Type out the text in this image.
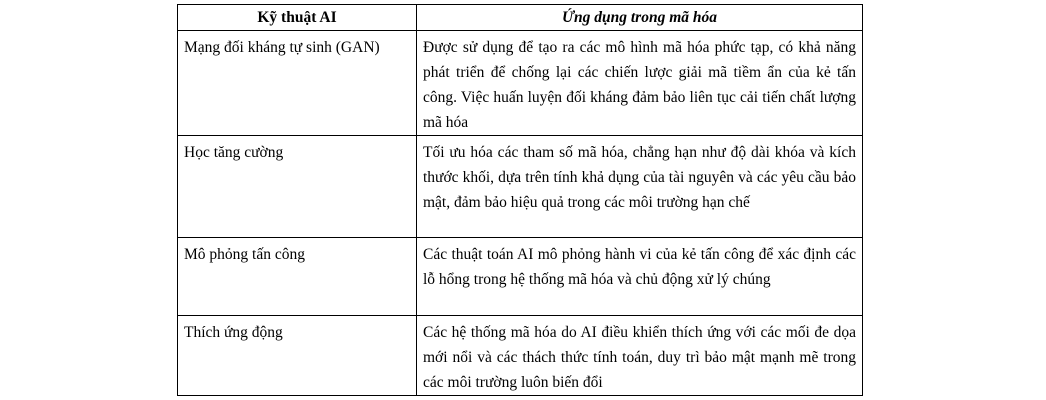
Kỹ thuật AI	Ứng dụng trong mã hóa
Mạng đối kháng tự sinh (GAN)	Được sử dụng để tạo ra các mô hình mã hóa phức tạp, có khả năng phát triển để chống lại các chiến lược giải mã tiềm ẩn của kẻ tấn công. Việc huấn luyện đối kháng đảm bảo liên tục cải tiến chất lượng mã hóa
Học tăng cường	Tối ưu hóa các tham số mã hóa, chẳng hạn như độ dài khóa và kích thước khối, dựa trên tính khả dụng của tài nguyên và các yêu cầu bảo mật, đảm bảo hiệu quả trong các môi trường hạn chế
Mô phỏng tấn công	Các thuật toán AI mô phỏng hành vi của kẻ tấn công để xác định các lỗ hổng trong hệ thống mã hóa và chủ động xử lý chúng
Thích ứng động	Các hệ thống mã hóa do AI điều khiển thích ứng với các mối đe dọa mới nổi và các thách thức tính toán, duy trì bảo mật mạnh mẽ trong các môi trường luôn biến đổi
